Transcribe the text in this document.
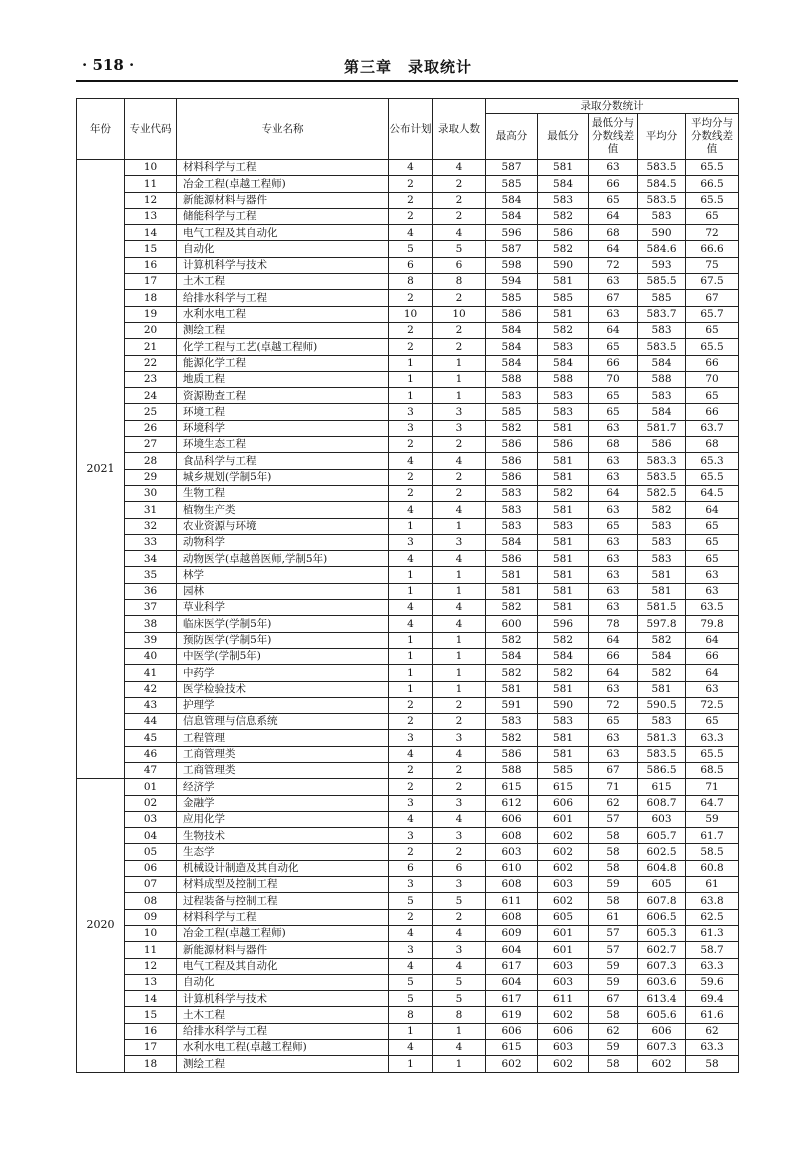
· 518 ·	第三章　录取统计
年份	专业代码	专业名称	公布计划	录取人数	录取分数统计				
					最高分	最低分	最低分与分数线差值	平均分	平均分与分数线差值
2021	10	材料科学与工程	4	4	587	581	63	583.5	65.5
	11	冶金工程(卓越工程师)	2	2	585	584	66	584.5	66.5
	12	新能源材料与器件	2	2	584	583	65	583.5	65.5
	13	储能科学与工程	2	2	584	582	64	583	65
	14	电气工程及其自动化	4	4	596	586	68	590	72
	15	自动化	5	5	587	582	64	584.6	66.6
	16	计算机科学与技术	6	6	598	590	72	593	75
	17	土木工程	8	8	594	581	63	585.5	67.5
	18	给排水科学与工程	2	2	585	585	67	585	67
	19	水利水电工程	10	10	586	581	63	583.7	65.7
	20	测绘工程	2	2	584	582	64	583	65
	21	化学工程与工艺(卓越工程师)	2	2	584	583	65	583.5	65.5
	22	能源化学工程	1	1	584	584	66	584	66
	23	地质工程	1	1	588	588	70	588	70
	24	资源勘查工程	1	1	583	583	65	583	65
	25	环境工程	3	3	585	583	65	584	66
	26	环境科学	3	3	582	581	63	581.7	63.7
	27	环境生态工程	2	2	586	586	68	586	68
	28	食品科学与工程	4	4	586	581	63	583.3	65.3
	29	城乡规划(学制5年)	2	2	586	581	63	583.5	65.5
	30	生物工程	2	2	583	582	64	582.5	64.5
	31	植物生产类	4	4	583	581	63	582	64
	32	农业资源与环境	1	1	583	583	65	583	65
	33	动物科学	3	3	584	581	63	583	65
	34	动物医学(卓越兽医师,学制5年)	4	4	586	581	63	583	65
	35	林学	1	1	581	581	63	581	63
	36	园林	1	1	581	581	63	581	63
	37	草业科学	4	4	582	581	63	581.5	63.5
	38	临床医学(学制5年)	4	4	600	596	78	597.8	79.8
	39	预防医学(学制5年)	1	1	582	582	64	582	64
	40	中医学(学制5年)	1	1	584	584	66	584	66
	41	中药学	1	1	582	582	64	582	64
	42	医学检验技术	1	1	581	581	63	581	63
	43	护理学	2	2	591	590	72	590.5	72.5
	44	信息管理与信息系统	2	2	583	583	65	583	65
	45	工程管理	3	3	582	581	63	581.3	63.3
	46	工商管理类	4	4	586	581	63	583.5	65.5
	47	工商管理类	2	2	588	585	67	586.5	68.5
2020	01	经济学	2	2	615	615	71	615	71
	02	金融学	3	3	612	606	62	608.7	64.7
	03	应用化学	4	4	606	601	57	603	59
	04	生物技术	3	3	608	602	58	605.7	61.7
	05	生态学	2	2	603	602	58	602.5	58.5
	06	机械设计制造及其自动化	6	6	610	602	58	604.8	60.8
	07	材料成型及控制工程	3	3	608	603	59	605	61
	08	过程装备与控制工程	5	5	611	602	58	607.8	63.8
	09	材料科学与工程	2	2	608	605	61	606.5	62.5
	10	冶金工程(卓越工程师)	4	4	609	601	57	605.3	61.3
	11	新能源材料与器件	3	3	604	601	57	602.7	58.7
	12	电气工程及其自动化	4	4	617	603	59	607.3	63.3
	13	自动化	5	5	604	603	59	603.6	59.6
	14	计算机科学与技术	5	5	617	611	67	613.4	69.4
	15	土木工程	8	8	619	602	58	605.6	61.6
	16	给排水科学与工程	1	1	606	606	62	606	62
	17	水利水电工程(卓越工程师)	4	4	615	603	59	607.3	63.3
	18	测绘工程	1	1	602	602	58	602	58
